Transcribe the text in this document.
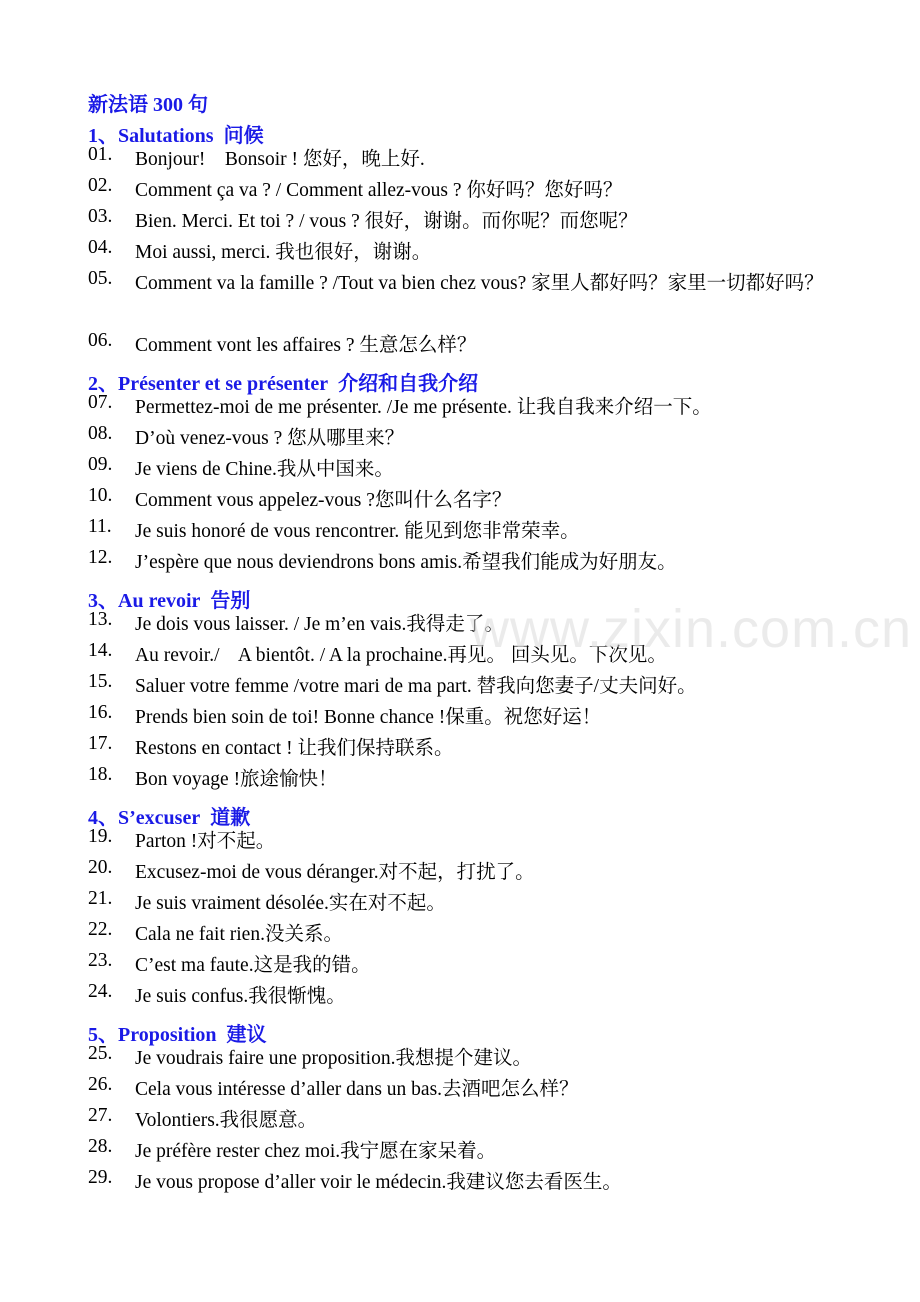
新法语 300 句
1、Salutations 问候
01. Bonjour!    Bonsoir ! 您好，晚上好.
02. Comment ça va ? / Comment allez-vous ? 你好吗？您好吗？
03. Bien. Merci. Et toi ? / vous ? 很好，谢谢。而你呢？而您呢？
04. Moi aussi, merci. 我也很好，谢谢。
05. Comment va la famille ? /Tout va bien chez vous? 家里人都好吗？家里一切都好吗？
06. Comment vont les affaires ? 生意怎么样？
2、Présenter et se présenter 介绍和自我介绍
07. Permettez-moi de me présenter. /Je me présente. 让我自我来介绍一下。
08. D’où venez-vous ? 您从哪里来？
09. Je viens de Chine.我从中国来。
10. Comment vous appelez-vous ?您叫什么名字？
11. Je suis honoré de vous rencontrer. 能见到您非常荣幸。
12. J’espère que nous deviendrons bons amis.希望我们能成为好朋友。
3、Au revoir 告别
13. Je dois vous laisser. / Je m’en vais.我得走了。
14. Au revoir./    A bientôt. / A la prochaine.再见。 回头见。下次见。
15. Saluer votre femme /votre mari de ma part. 替我向您妻子/丈夫问好。
16. Prends bien soin de toi! Bonne chance !保重。祝您好运！
17. Restons en contact ! 让我们保持联系。
18. Bon voyage !旅途愉快！
4、S’excuser 道歉
19. Parton !对不起。
20. Excusez-moi de vous déranger.对不起，打扰了。
21. Je suis vraiment désolée.实在对不起。
22. Cala ne fait rien.没关系。
23. C’est ma faute.这是我的错。
24. Je suis confus.我很惭愧。
5、Proposition 建议
25. Je voudrais faire une proposition.我想提个建议。
26. Cela vous intéresse d’aller dans un bas.去酒吧怎么样？
27. Volontiers.我很愿意。
28. Je préfère rester chez moi.我宁愿在家呆着。
29. Je vous propose d’aller voir le médecin.我建议您去看医生。
www.zixin.com.cn
